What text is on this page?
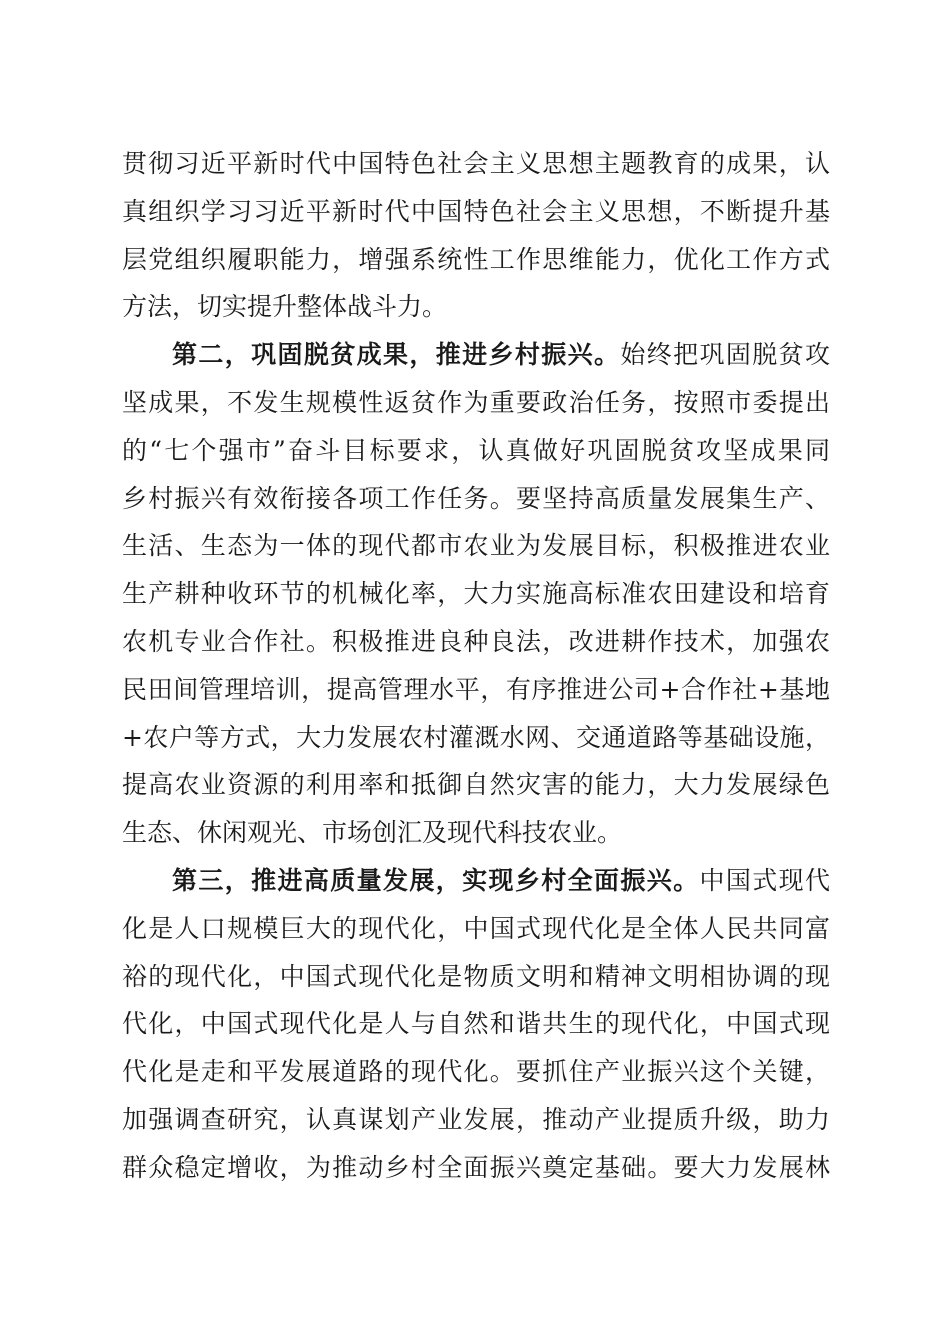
贯彻习近平新时代中国特色社会主义思想主题教育的成果，认
真组织学习习近平新时代中国特色社会主义思想，不断提升基
层党组织履职能力，增强系统性工作思维能力，优化工作方式
方法，切实提升整体战斗力。
第二，巩固脱贫成果，推进乡村振兴。始终把巩固脱贫攻
坚成果，不发生规模性返贫作为重要政治任务，按照市委提出
的“七个强市”奋斗目标要求，认真做好巩固脱贫攻坚成果同
乡村振兴有效衔接各项工作任务。要坚持高质量发展集生产、
生活、生态为一体的现代都市农业为发展目标，积极推进农业
生产耕种收环节的机械化率，大力实施高标准农田建设和培育
农机专业合作社。积极推进良种良法，改进耕作技术，加强农
民田间管理培训，提高管理水平，有序推进公司+合作社+基地
+农户等方式，大力发展农村灌溉水网、交通道路等基础设施，
提高农业资源的利用率和抵御自然灾害的能力，大力发展绿色
生态、休闲观光、市场创汇及现代科技农业。
第三，推进高质量发展，实现乡村全面振兴。中国式现代
化是人口规模巨大的现代化，中国式现代化是全体人民共同富
裕的现代化，中国式现代化是物质文明和精神文明相协调的现
代化，中国式现代化是人与自然和谐共生的现代化，中国式现
代化是走和平发展道路的现代化。要抓住产业振兴这个关键，
加强调查研究，认真谋划产业发展，推动产业提质升级，助力
群众稳定增收，为推动乡村全面振兴奠定基础。要大力发展林
